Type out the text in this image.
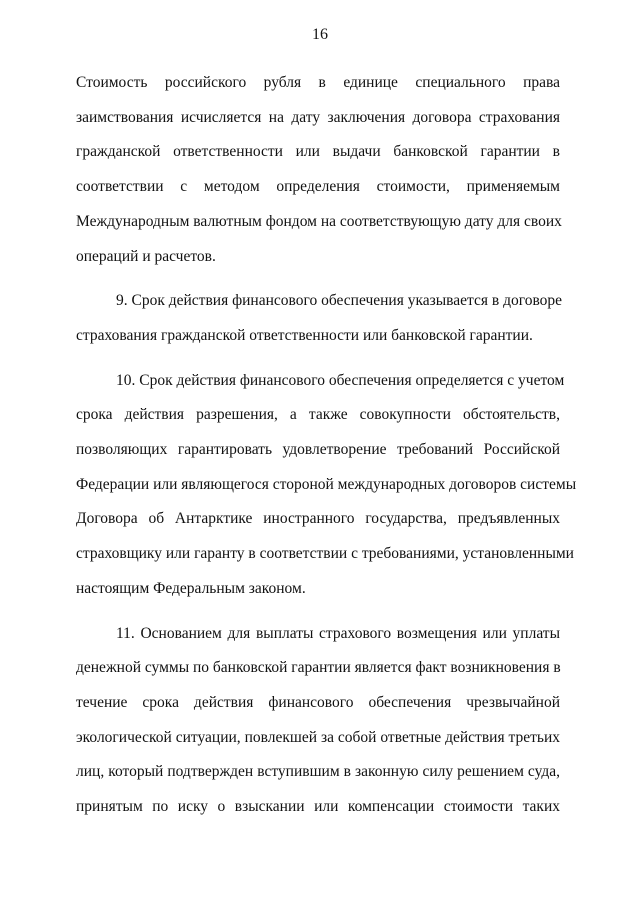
16

Стоимость российского рубля в единице специального права
заимствования исчисляется на дату заключения договора страхования
гражданской ответственности или выдачи банковской гарантии в
соответствии с методом определения стоимости, применяемым
Международным валютным фондом на соответствующую дату для своих
операций и расчетов.

9. Срок действия финансового обеспечения указывается в договоре
страхования гражданской ответственности или банковской гарантии.

10. Срок действия финансового обеспечения определяется с учетом
срока действия разрешения, а также совокупности обстоятельств,
позволяющих гарантировать удовлетворение требований Российской
Федерации или являющегося стороной международных договоров системы
Договора об Антарктике иностранного государства, предъявленных
страховщику или гаранту в соответствии с требованиями, установленными
настоящим Федеральным законом.

11. Основанием для выплаты страхового возмещения или уплаты
денежной суммы по банковской гарантии является факт возникновения в
течение срока действия финансового обеспечения чрезвычайной
экологической ситуации, повлекшей за собой ответные действия третьих
лиц, который подтвержден вступившим в законную силу решением суда,
принятым по иску о взыскании или компенсации стоимости таких
